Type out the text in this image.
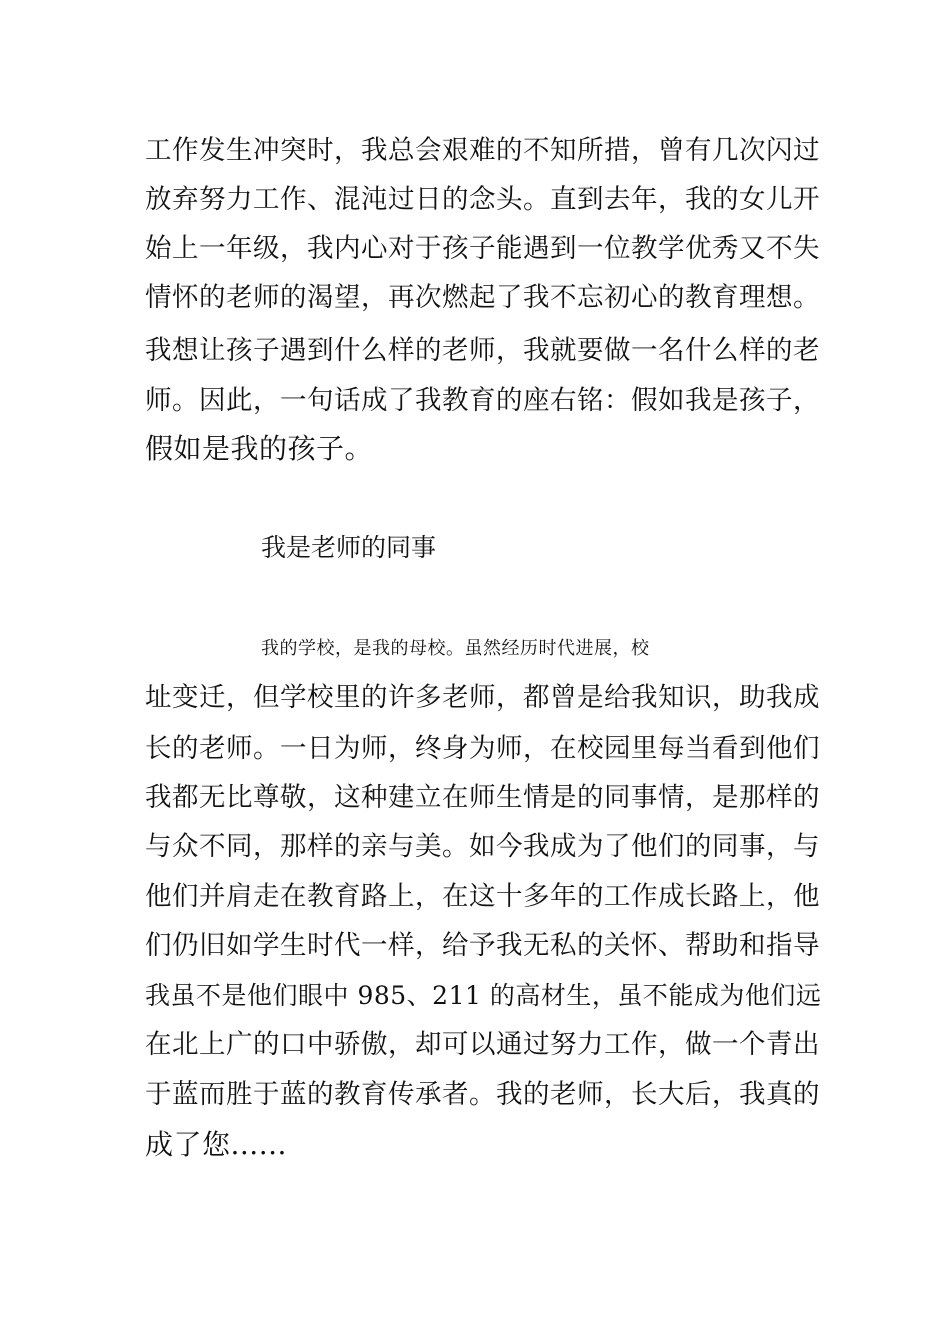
工作发生冲突时，我总会艰难的不知所措，曾有几次闪过
放弃努力工作、混沌过日的念头。直到去年，我的女儿开
始上一年级，我内心对于孩子能遇到一位教学优秀又不失
情怀的老师的渴望，再次燃起了我不忘初心的教育理想。
我想让孩子遇到什么样的老师，我就要做一名什么样的老
师。因此，一句话成了我教育的座右铭：假如我是孩子，
假如是我的孩子。
我是老师的同事
我的学校，是我的母校。虽然经历时代进展，校
址变迁，但学校里的许多老师，都曾是给我知识，助我成
长的老师。一日为师，终身为师，在校园里每当看到他们
我都无比尊敬，这种建立在师生情是的同事情，是那样的
与众不同，那样的亲与美。如今我成为了他们的同事，与
他们并肩走在教育路上，在这十多年的工作成长路上，他
们仍旧如学生时代一样，给予我无私的关怀、帮助和指导
我虽不是他们眼中 985、211 的高材生，虽不能成为他们远
在北上广的口中骄傲，却可以通过努力工作，做一个青出
于蓝而胜于蓝的教育传承者。我的老师，长大后，我真的
成了您......
